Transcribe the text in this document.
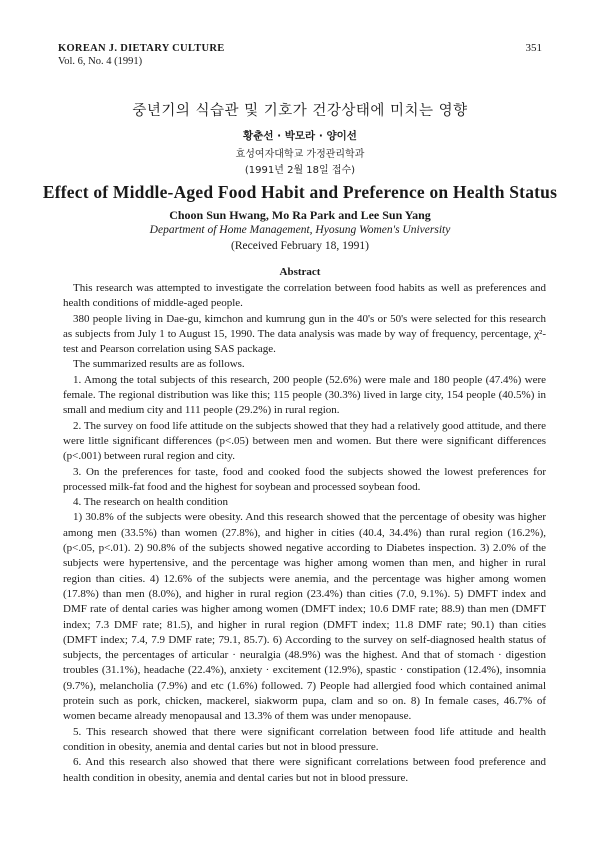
KOREAN J. DIETARY CULTURE
Vol. 6, No. 4 (1991)
351
중년기의 식습관 및 기호가 건강상태에 미치는 영향
황춘선 · 박모라 · 양이선
효성여자대학교 가정관리학과
(1991년 2월 18일 접수)
Effect of Middle-Aged Food Habit and Preference on Health Status
Choon Sun Hwang, Mo Ra Park and Lee Sun Yang
Department of Home Management, Hyosung Women's University
(Received February 18, 1991)
Abstract

This research was attempted to investigate the correlation between food habits as well as preferences and health conditions of middle-aged people.

380 people living in Dae-gu, kimchon and kumrung gun in the 40's or 50's were selected for this research as subjects from July 1 to August 15, 1990. The data analysis was made by way of frequency, percentage, χ²-test and Pearson correlation using SAS package.

The summarized results are as follows.

1. Among the total subjects of this research, 200 people (52.6%) were male and 180 people (47.4%) were female. The regional distribution was like this; 115 people (30.3%) lived in large city, 154 people (40.5%) in small and medium city and 111 people (29.2%) in rural region.

2. The survey on food life attitude on the subjects showed that they had a relatively good attitude, and there were little significant differences (p<.05) between men and women. But there were significant differences (p<.001) between rural region and city.

3. On the preferences for taste, food and cooked food the subjects showed the lowest preferences for processed milk-fat food and the highest for soybean and processed soybean food.

4. The research on health condition

1) 30.8% of the subjects were obesity. And this research showed that the percentage of obesity was higher among men (33.5%) than women (27.8%), and higher in cities (40.4, 34.4%) than rural region (16.2%), (p<.05, p<.01). 2) 90.8% of the subjects showed negative according to Diabetes inspection. 3) 2.0% of the subjects were hypertensive, and the percentage was higher among women than men, and higher in rural region than cities. 4) 12.6% of the subjects were anemia, and the percentage was higher among women (17.8%) than men (8.0%), and higher in rural region (23.4%) than cities (7.0, 9.1%). 5) DMFT index and DMF rate of dental caries was higher among women (DMFT index; 10.6 DMF rate; 88.9) than men (DMFT index; 7.3 DMF rate; 81.5), and higher in rural region (DMFT index; 11.8 DMF rate; 90.1) than cities (DMFT index; 7.4, 7.9 DMF rate; 79.1, 85.7). 6) According to the survey on self-diagnosed health status of subjects, the percentages of articular · neuralgia (48.9%) was the highest. And that of stomach · digestion troubles (31.1%), headache (22.4%), anxiety · excitement (12.9%), spastic · constipation (12.4%), insomnia (9.7%), melancholia (7.9%) and etc (1.6%) followed. 7) People had allergied food which contained animal protein such as pork, chicken, mackerel, siakworm pupa, clam and so on. 8) In female cases, 46.7% of women became already menopausal and 13.3% of them was under menopause.

5. This research showed that there were significant correlation between food life attitude and health condition in obesity, anemia and dental caries but not in blood pressure.

6. And this research also showed that there were significant correlations between food preference and health condition in obesity, anemia and dental caries but not in blood pressure.
